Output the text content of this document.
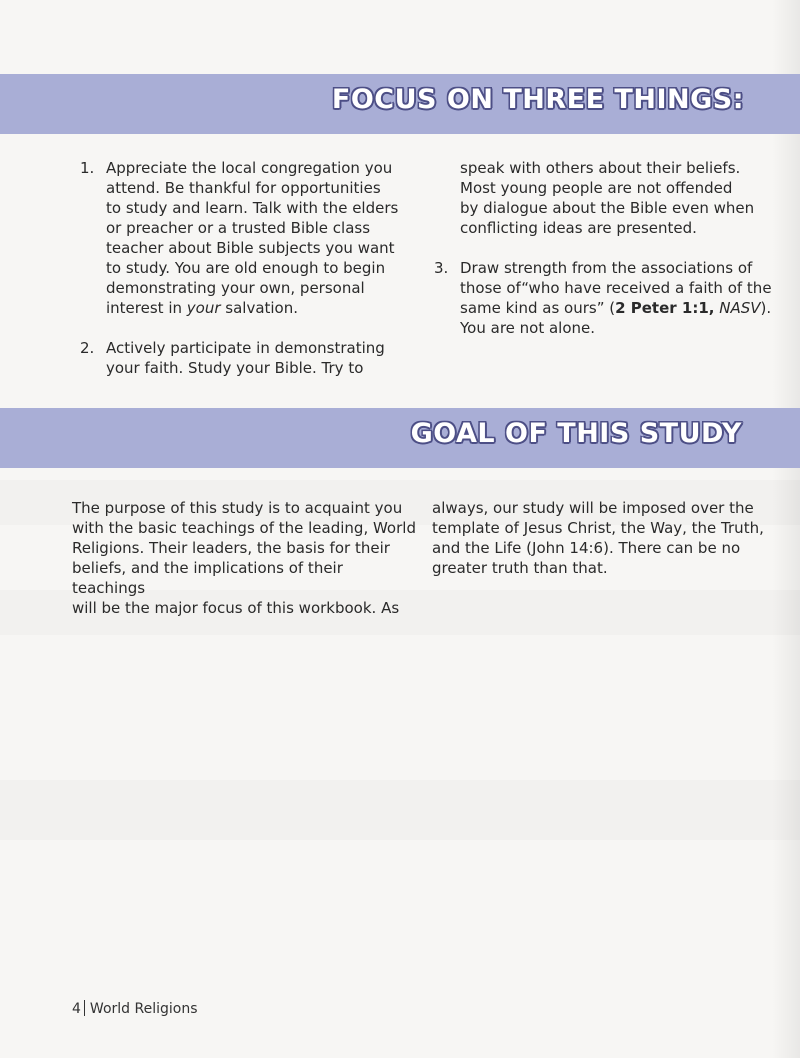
FOCUS ON THREE THINGS:
1. Appreciate the local congregation you

attend. Be thankful for opportunities

to study and learn. Talk with the elders

or preacher or a trusted Bible class

teacher about Bible subjects you want

to study. You are old enough to begin

demonstrating your own, personal

interest in your salvation.

2. Actively participate in demonstrating

your faith. Study your Bible. Try to

speak with others about their beliefs.

Most young people are not offended

by dialogue about the Bible even when

conflicting ideas are presented.

3. Draw strength from the associations of

those of“who have received a faith of the

same kind as ours” (2 Peter 1:1, NASV).

You are not alone.

GOAL OF THIS STUDY

The purpose of this study is to acquaint you

with the basic teachings of the leading, World

Religions. Their leaders, the basis for their

beliefs, and the implications of their teachings

will be the major focus of this workbook. As

always, our study will be imposed over the

template of Jesus Christ, the Way, the Truth,

and the Life (John 14:6). There can be no

greater truth than that.

4 World Religions
